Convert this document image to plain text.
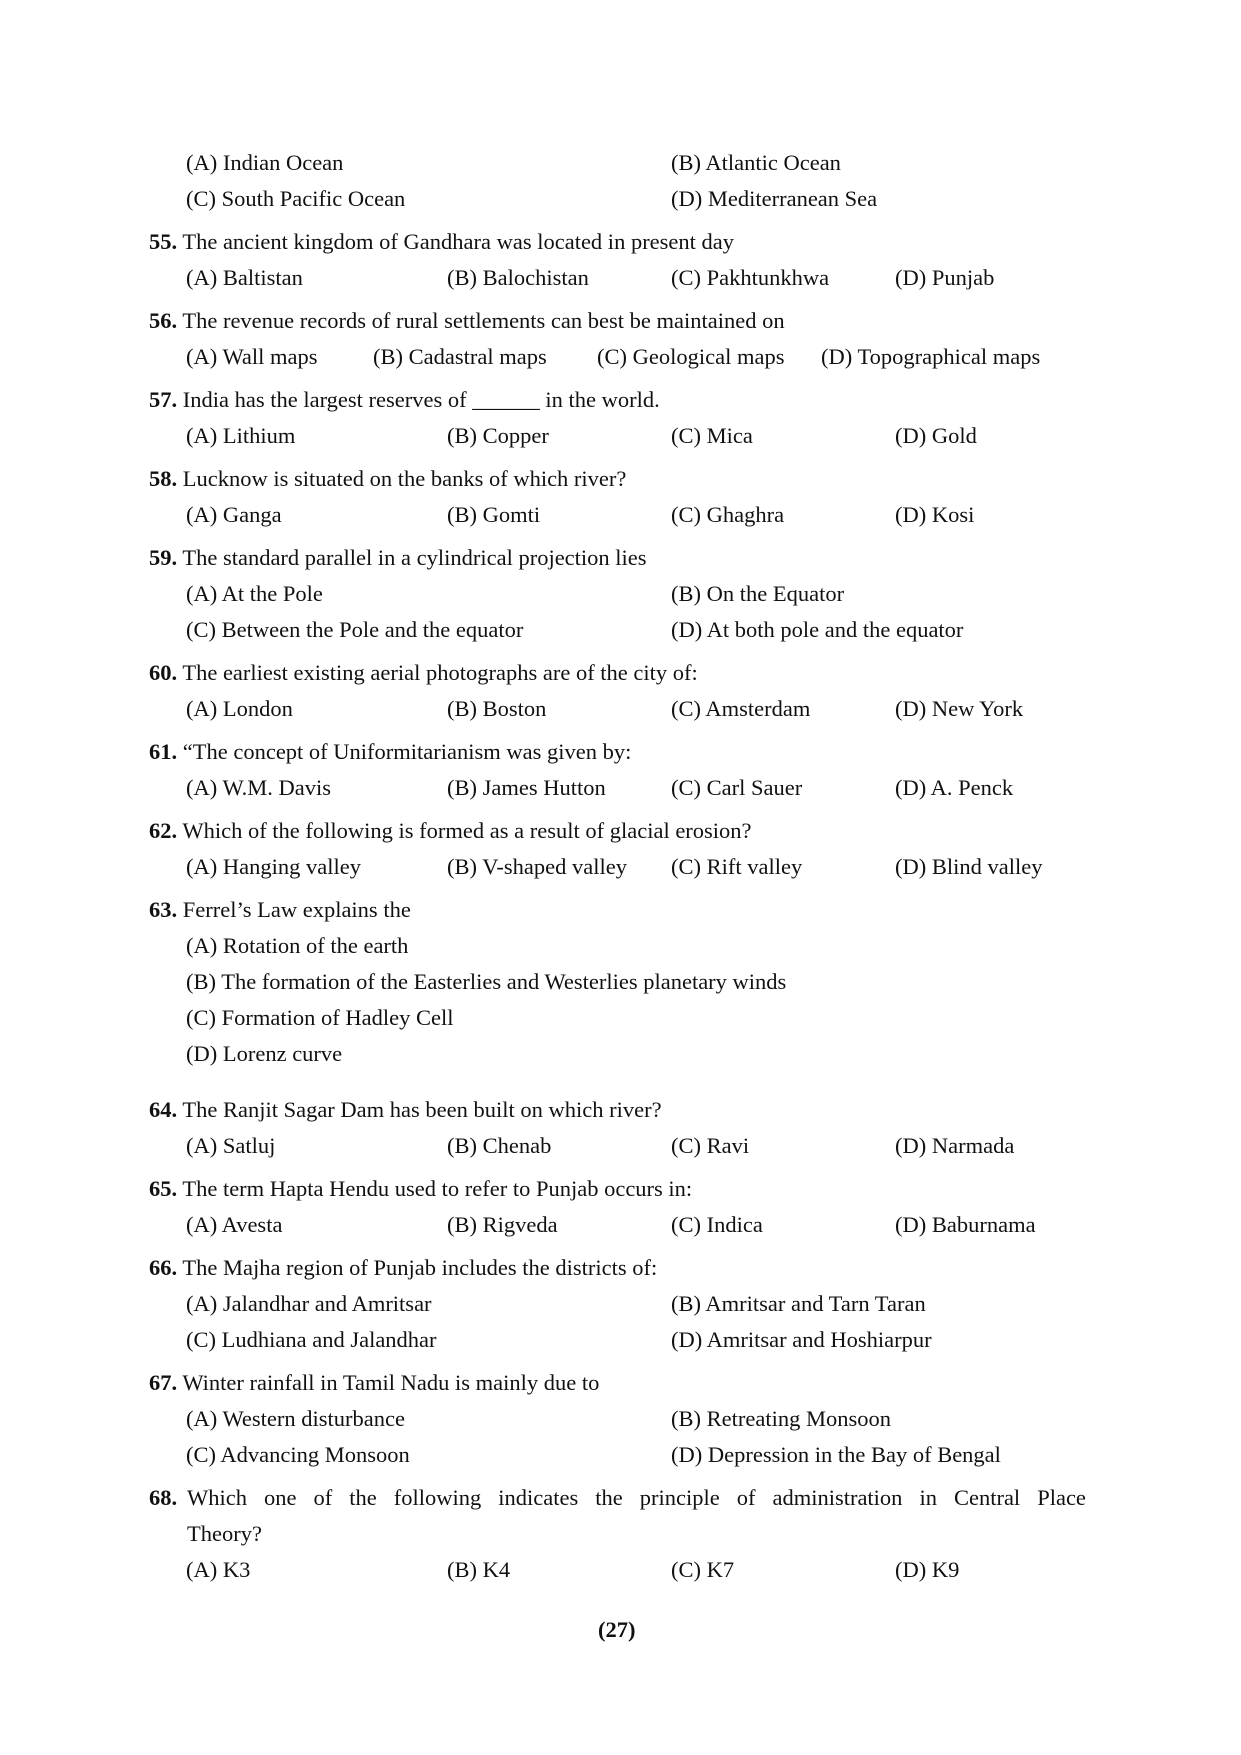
(A) Indian Ocean	(B) Atlantic Ocean
(C) South Pacific Ocean	(D) Mediterranean Sea
55. The ancient kingdom of Gandhara was located in present day
(A) Baltistan	(B) Balochistan	(C) Pakhtunkhwa	(D) Punjab
56. The revenue records of rural settlements can best be maintained on
(A) Wall maps (B) Cadastral maps (C) Geological maps (D) Topographical maps
57. India has the largest reserves of ______ in the world.
(A) Lithium	(B) Copper	(C) Mica	(D) Gold
58. Lucknow is situated on the banks of which river?
(A) Ganga	(B) Gomti	(C) Ghaghra	(D) Kosi
59. The standard parallel in a cylindrical projection lies
(A) At the Pole	(B) On the Equator
(C) Between the Pole and the equator	(D) At both pole and the equator
60. The earliest existing aerial photographs are of the city of:
(A) London	(B) Boston	(C) Amsterdam	(D) New York
61. “The concept of Uniformitarianism was given by:
(A) W.M. Davis	(B) James Hutton	(C) Carl Sauer	(D) A. Penck
62. Which of the following is formed as a result of glacial erosion?
(A) Hanging valley	(B) V-shaped valley (C) Rift valley	(D) Blind valley
63. Ferrel’s Law explains the
(A) Rotation of the earth
(B) The formation of the Easterlies and Westerlies planetary winds
(C) Formation of Hadley Cell
(D) Lorenz curve
64. The Ranjit Sagar Dam has been built on which river?
(A) Satluj	(B) Chenab	(C) Ravi	(D) Narmada
65. The term Hapta Hendu used to refer to Punjab occurs in:
(A) Avesta	(B) Rigveda	(C) Indica	(D) Baburnama
66. The Majha region of Punjab includes the districts of:
(A) Jalandhar and Amritsar	(B) Amritsar and Tarn Taran
(C) Ludhiana and Jalandhar	(D) Amritsar and Hoshiarpur
67. Winter rainfall in Tamil Nadu is mainly due to
(A) Western disturbance	(B) Retreating Monsoon
(C) Advancing Monsoon	(D) Depression in the Bay of Bengal
68. Which one of the following indicates the principle of administration in Central Place
Theory?
(A) K3	(B) K4	(C) K7	(D) K9
(27)
